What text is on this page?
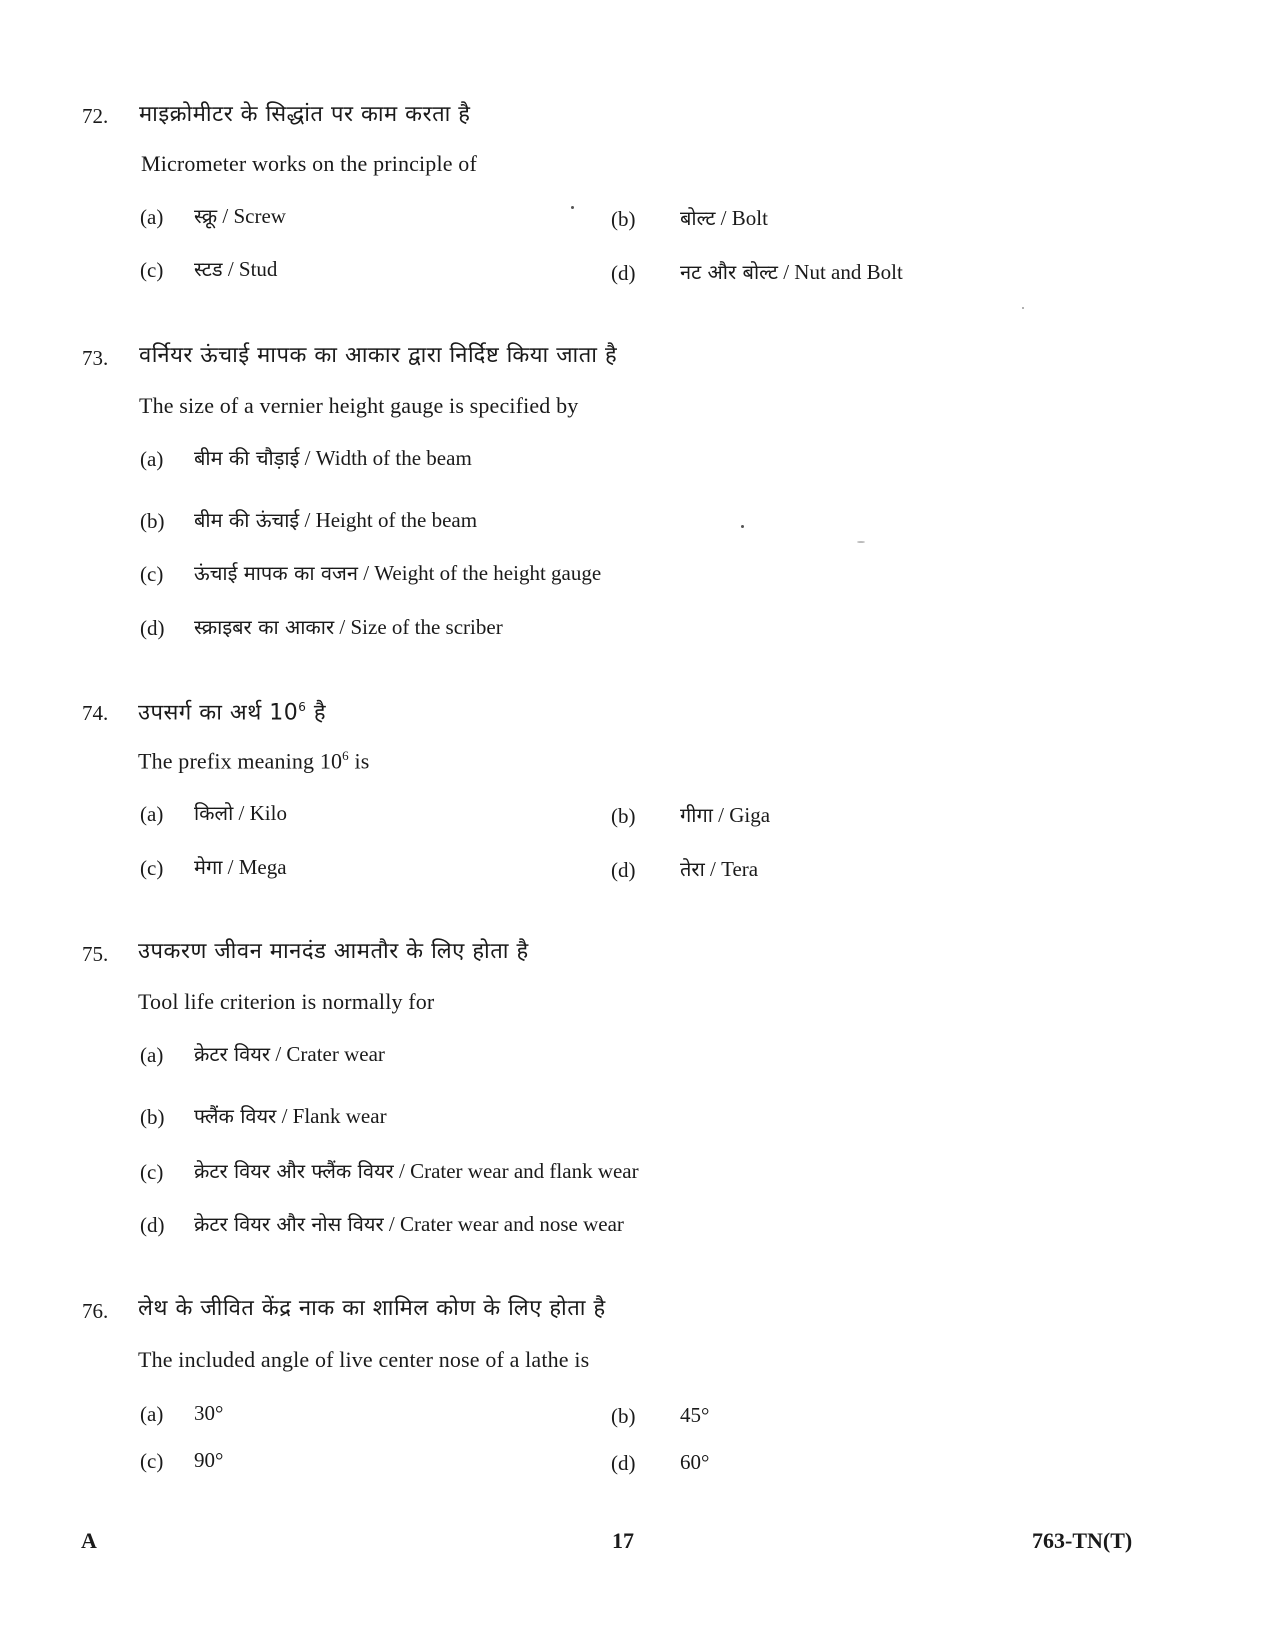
72. माइक्रोमीटर के सिद्धांत पर काम करता है
Micrometer works on the principle of
(a) स्क्रू / Screw	(b) बोल्ट / Bolt
(c) स्टड / Stud	(d) नट और बोल्ट / Nut and Bolt
73. वर्नियर ऊंचाई मापक का आकार द्वारा निर्दिष्ट किया जाता है
The size of a vernier height gauge is specified by
(a) बीम की चौड़ाई / Width of the beam
(b) बीम की ऊंचाई / Height of the beam
(c) ऊंचाई मापक का वजन / Weight of the height gauge
(d) स्क्राइबर का आकार / Size of the scriber
74. उपसर्ग का अर्थ $10^6$ है
The prefix meaning $10^6$ is
(a) किलो / Kilo	(b) गीगा / Giga
(c) मेगा / Mega	(d) तेरा / Tera
75. उपकरण जीवन मानदंड आमतौर के लिए होता है
Tool life criterion is normally for
(a) क्रेटर वियर / Crater wear
(b) फ्लैंक वियर / Flank wear
(c) क्रेटर वियर और फ्लैंक वियर / Crater wear and flank wear
(d) क्रेटर वियर और नोस वियर / Crater wear and nose wear
76. लेथ के जीवित केंद्र नाक का शामिल कोण के लिए होता है
The included angle of live center nose of a lathe is
(a) 30°	(b) 45°
(c) 90°	(d) 60°
A	17	763-TN(T)
